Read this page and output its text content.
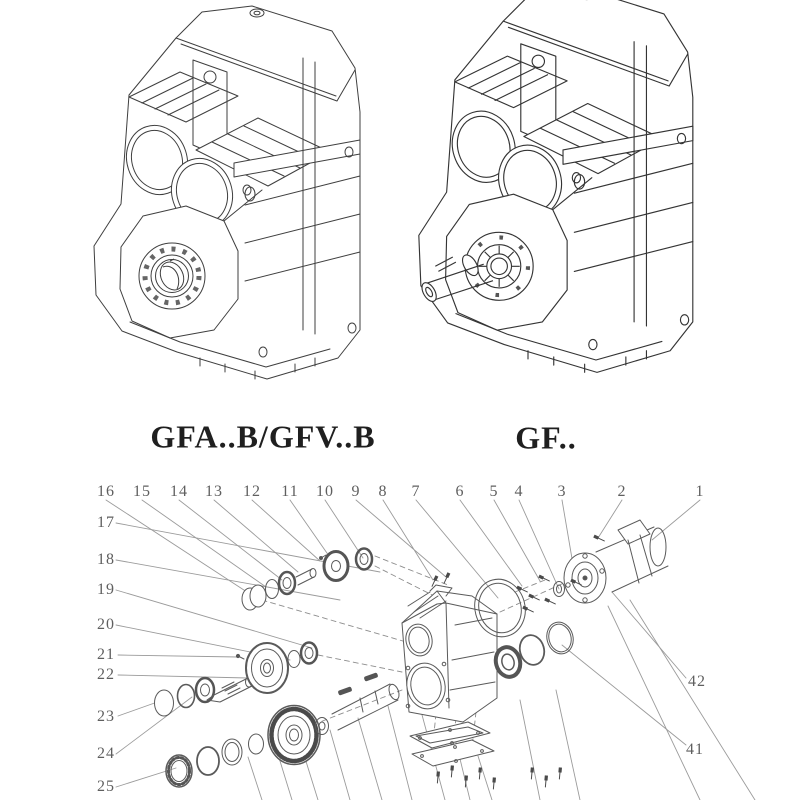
GFA..B/GFV..B	GF..
16 15 14 13 12 11 10 9 8 7 6 5 4 3	2	1
17
18
19
20
21
22
23
24
25
42
41
